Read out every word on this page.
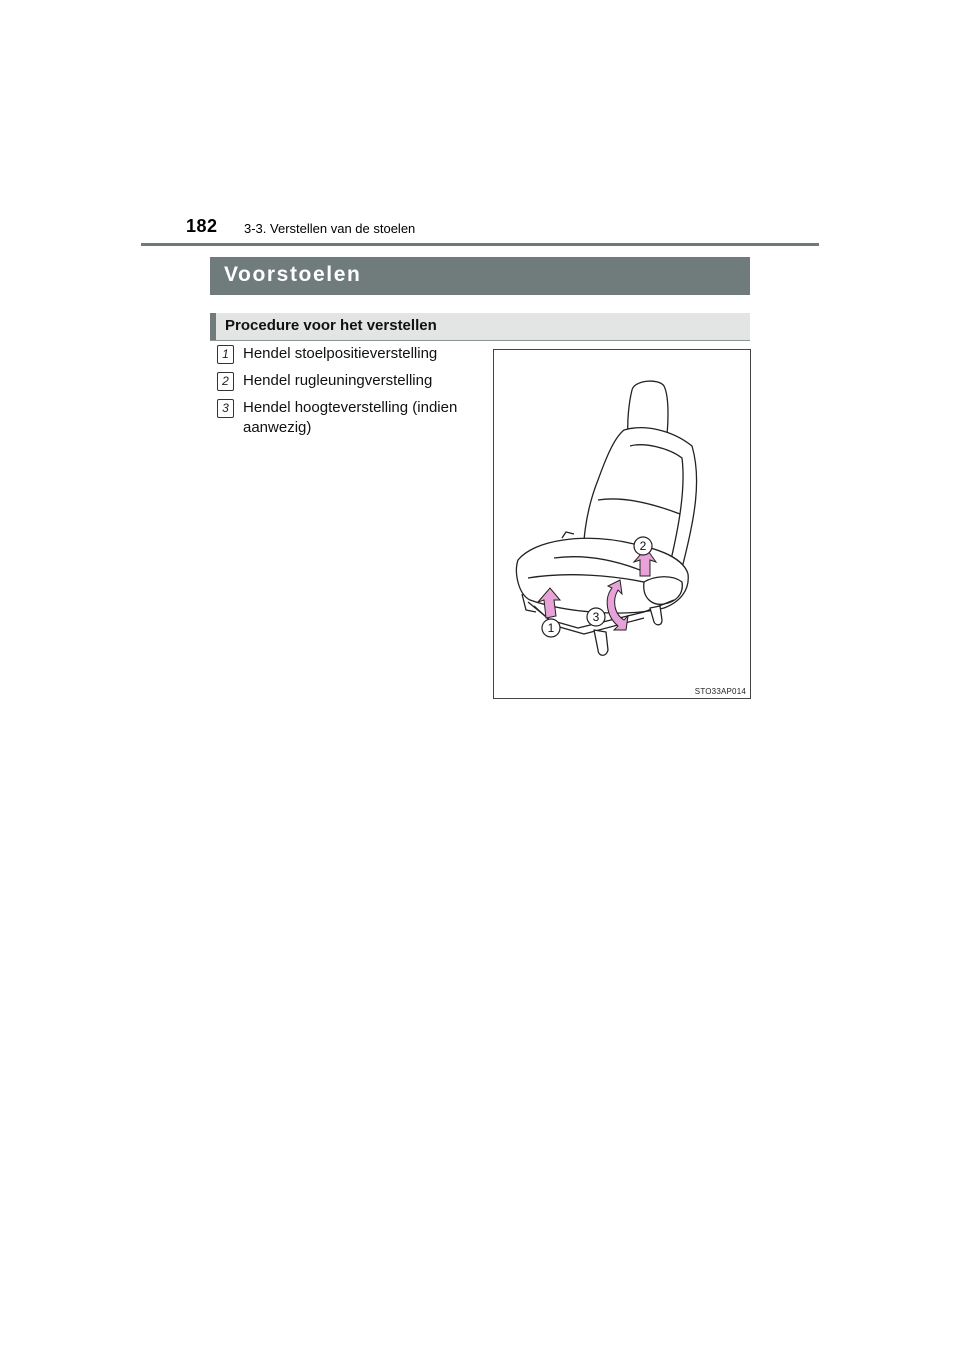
182 3-3. Verstellen van de stoelen
Voorstoelen
Procedure voor het verstellen
1 Hendel stoelpositieverstelling
2 Hendel rugleuningverstelling
3 Hendel hoogteverstelling (indien aanwezig)
1
2
3
STO33AP014
